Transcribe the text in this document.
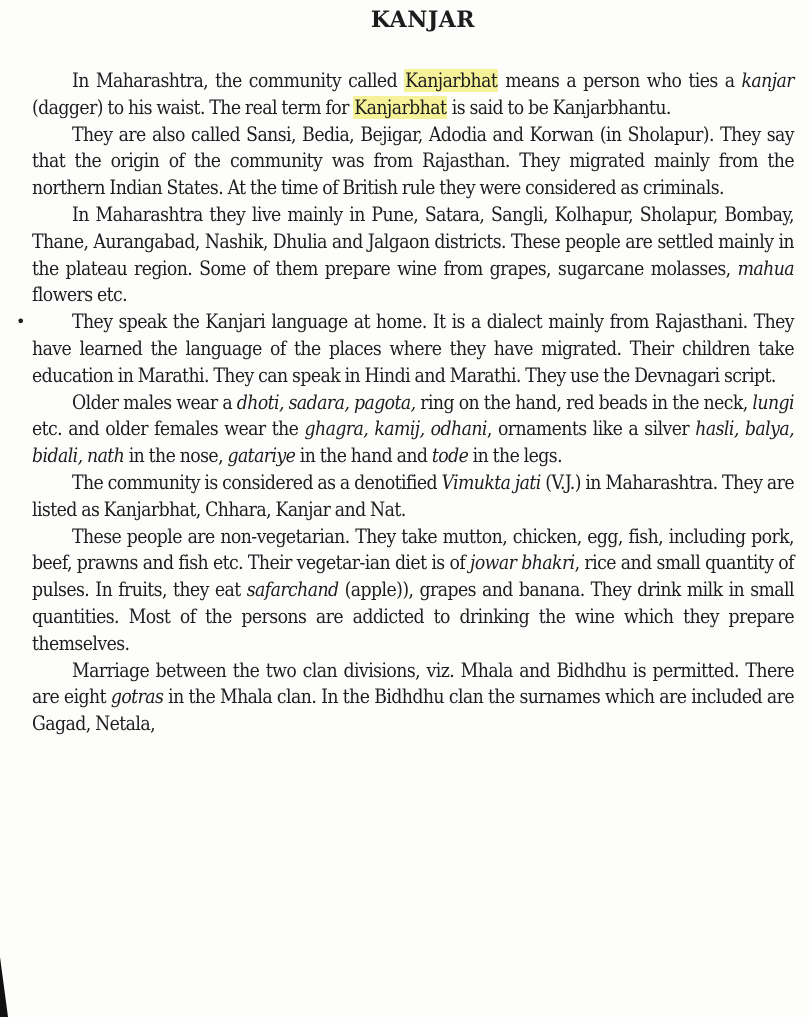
KANJAR

In Maharashtra, the community called Kanjarbhat means a person who ties a kanjar (dagger) to his waist. The real term for Kanjarbhat is said to be Kanjarbhantu.

They are also called Sansi, Bedia, Bejigar, Adodia and Korwan (in Sholapur). They say that the origin of the community was from Rajasthan. They migrated mainly from the northern Indian States. At the time of British rule they were considered as criminals.

In Maharashtra they live mainly in Pune, Satara, Sangli, Kolhapur, Sholapur, Bombay, Thane, Aurangabad, Nashik, Dhulia and Jalgaon districts. These people are settled mainly in the plateau region. Some of them prepare wine from grapes, sugarcane molasses, mahua flowers etc.

•	They speak the Kanjari language at home. It is a dialect mainly from Rajasthani. They have learned the language of the places where they have migrated. Their children take education in Marathi. They can speak in Hindi and Marathi. They use the Devnagari script.

Older males wear a dhoti, sadara, pagota, ring on the hand, red beads in the neck, lungi etc. and older females wear the ghagra, kamij, odhani, ornaments like a silver hasli, balya, bidali, nath in the nose, gatariye in the hand and tode in the legs.

The community is considered as a denotified Vimukta jati (V.J.) in Maharashtra. They are listed as Kanjarbhat, Chhara, Kanjar and Nat.

These people are non-vegetarian. They take mutton, chicken, egg, fish, including pork, beef, prawns and fish etc. Their vegetar-ian diet is of jowar bhakri, rice and small quantity of pulses. In fruits, they eat safarchand (apple)), grapes and banana. They drink milk in small quantities. Most of the persons are addicted to drinking the wine which they prepare themselves.

Marriage between the two clan divisions, viz. Mhala and Bidhdhu is permitted. There are eight gotras in the Mhala clan. In the Bidhdhu clan the surnames which are included are Gagad, Netala,
